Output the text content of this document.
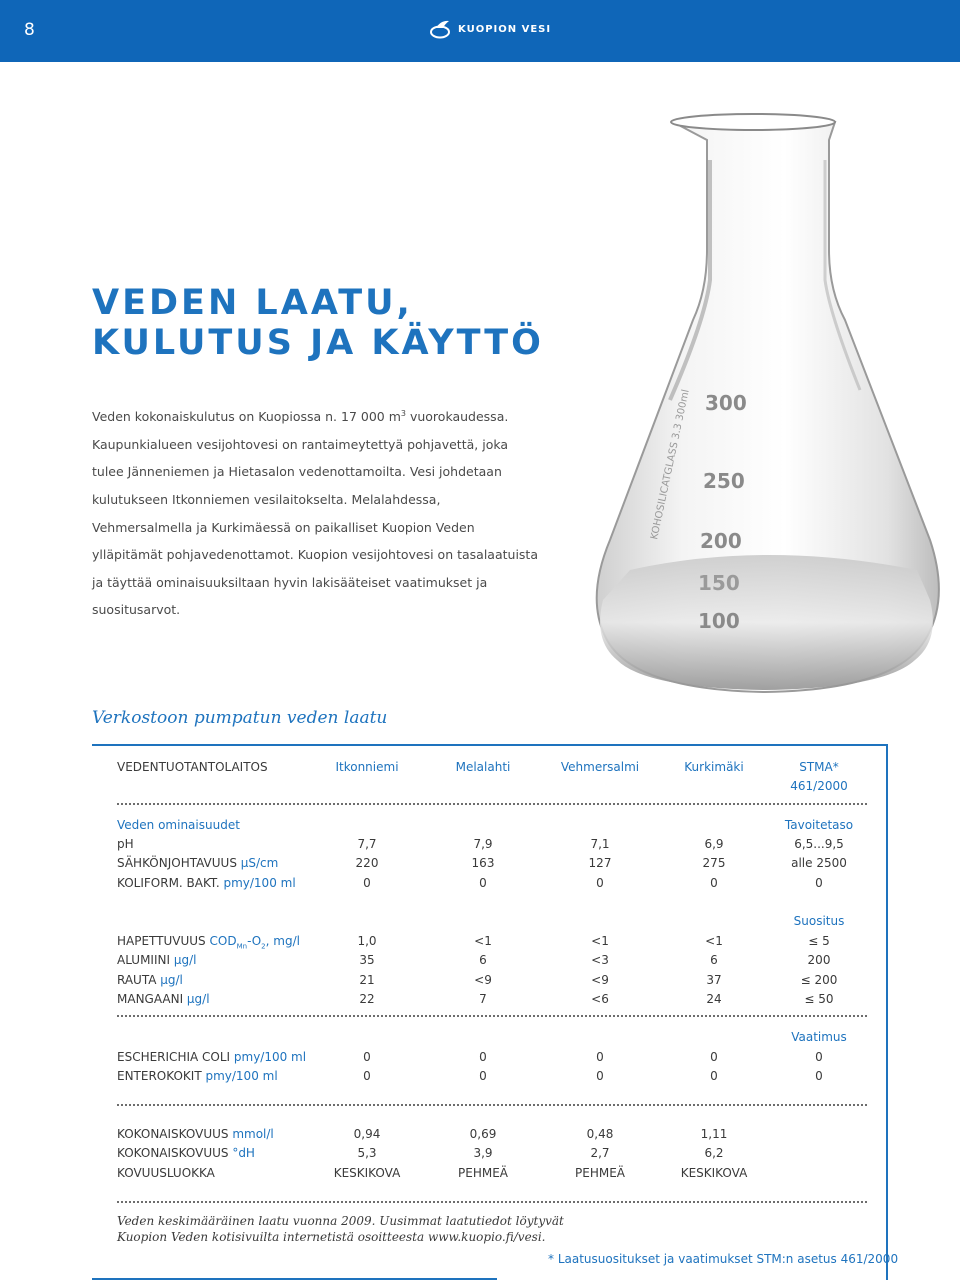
8	KUOPION VESI
300
250
200
150
100
KOHOSILICATGLASS 3.3 300ml
VEDEN LAATU,
KULUTUS JA KÄYTTÖ

Veden kokonaiskulutus on Kuopiossa n. 17 000 $m^3$ vuorokaudessa. Kaupunkialueen vesijohtovesi on rantaimeytettyä pohjavettä, joka tulee Jänneniemen ja Hietasalon vedenottamoilta. Vesi johdetaan kulutukseen Itkonniemen vesilaitokselta. Melalahdessa, Vehmersalmella ja Kurkimäessä on paikalliset Kuopion Veden ylläpitämät pohjavedenottamot. Kuopion vesijohtovesi on tasalaatuista ja täyttää ominaisuuksiltaan hyvin lakisääteiset vaatimukset ja suositusarvot.

Verkostoon pumpatun veden laatu
VEDENTUOTANTOLAITOS	Itkonniemi	Melalahti	Vehmersalmi	Kurkimäki	STMA*
461/2000
Veden ominaisuudet	Tavoitetaso
pH	7,7	7,9	7,1	6,9	6,5...9,5
SÄHKÖNJOHTAVUUS µS/cm	220	163	127	275	alle 2500
KOLIFORM. BAKT. pmy/100 ml	0	0	0	0	0
Suositus
HAPETTUVUUS $COD_{Mn}-O_2$, mg/l	1,0	<1	<1	<1	≤ 5
ALUMIINI µg/l	35	6	<3	6	200
RAUTA µg/l	21	<9	<9	37	≤ 200
MANGAANI µg/l	22	7	<6	24	≤ 50
Vaatimus
ESCHERICHIA COLI pmy/100 ml	0	0	0	0	0
ENTEROKOKIT pmy/100 ml	0	0	0	0	0
KOKONAISKOVUUS mmol/l	0,94	0,69	0,48	1,11
KOKONAISKOVUUS °dH	5,3	3,9	2,7	6,2
KOVUUSLUOKKA	KESKIKOVA	PEHMEÄ	PEHMEÄ	KESKIKOVA

Veden keskimääräinen laatu vuonna 2009. Uusimmat laatutiedot löytyvät
Kuopion Veden kotisivuilta internetistä osoitteesta www.kuopio.fi/vesi.

* Laatusuositukset ja vaatimukset STM:n asetus 461/2000
